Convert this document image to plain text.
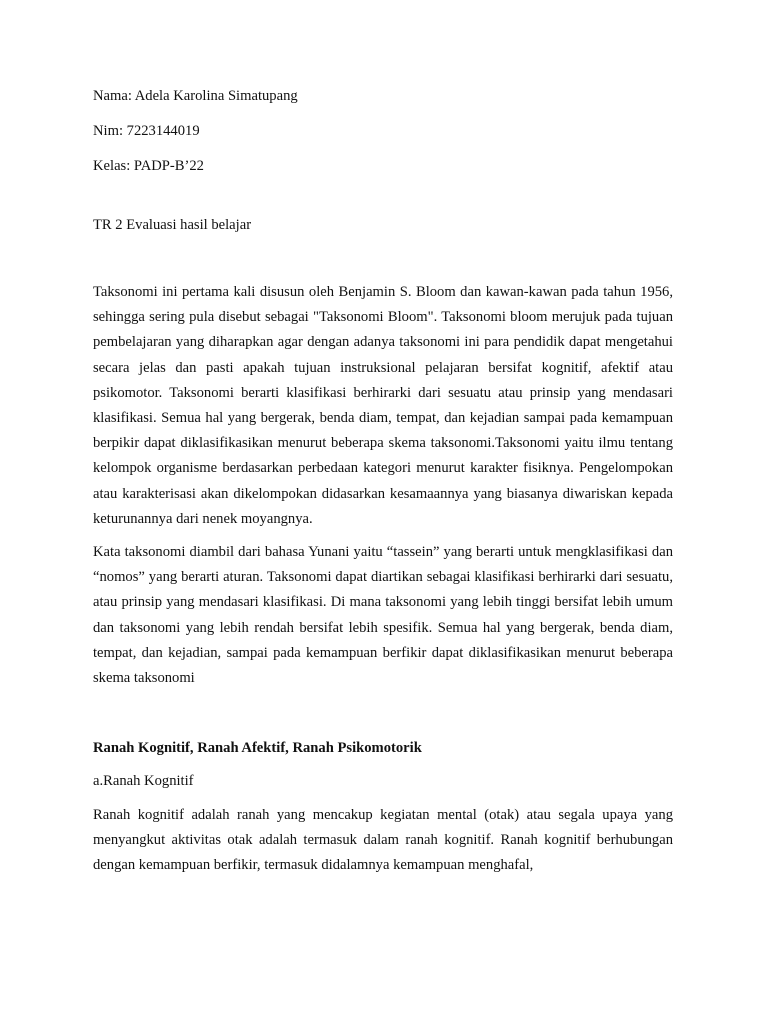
Nama: Adela Karolina Simatupang

Nim: 7223144019

Kelas: PADP-B’22

TR 2 Evaluasi hasil belajar

Taksonomi ini pertama kali disusun oleh Benjamin S. Bloom dan kawan-kawan pada tahun 1956, sehingga sering pula disebut sebagai "Taksonomi Bloom". Taksonomi bloom merujuk pada tujuan pembelajaran yang diharapkan agar dengan adanya taksonomi ini para pendidik dapat mengetahui secara jelas dan pasti apakah tujuan instruksional pelajaran bersifat kognitif, afektif atau psikomotor. Taksonomi berarti klasifikasi berhirarki dari sesuatu atau prinsip yang mendasari klasifikasi. Semua hal yang bergerak, benda diam, tempat, dan kejadian sampai pada kemampuan berpikir dapat diklasifikasikan menurut beberapa skema taksonomi.Taksonomi yaitu ilmu tentang kelompok organisme berdasarkan perbedaan kategori menurut karakter fisiknya. Pengelompokan atau karakterisasi akan dikelompokan didasarkan kesamaannya yang biasanya diwariskan kepada keturunannya dari nenek moyangnya.

Kata taksonomi diambil dari bahasa Yunani yaitu “tassein” yang berarti untuk mengklasifikasi dan “nomos” yang berarti aturan. Taksonomi dapat diartikan sebagai klasifikasi berhirarki dari sesuatu, atau prinsip yang mendasari klasifikasi. Di mana taksonomi yang lebih tinggi bersifat lebih umum dan taksonomi yang lebih rendah bersifat lebih spesifik. Semua hal yang bergerak, benda diam, tempat, dan kejadian, sampai pada kemampuan berfikir dapat diklasifikasikan menurut beberapa skema taksonomi

Ranah Kognitif, Ranah Afektif, Ranah Psikomotorik

a.Ranah Kognitif

Ranah kognitif adalah ranah yang mencakup kegiatan mental (otak) atau segala upaya yang menyangkut aktivitas otak adalah termasuk dalam ranah kognitif. Ranah kognitif berhubungan dengan kemampuan berfikir, termasuk didalamnya kemampuan menghafal,
